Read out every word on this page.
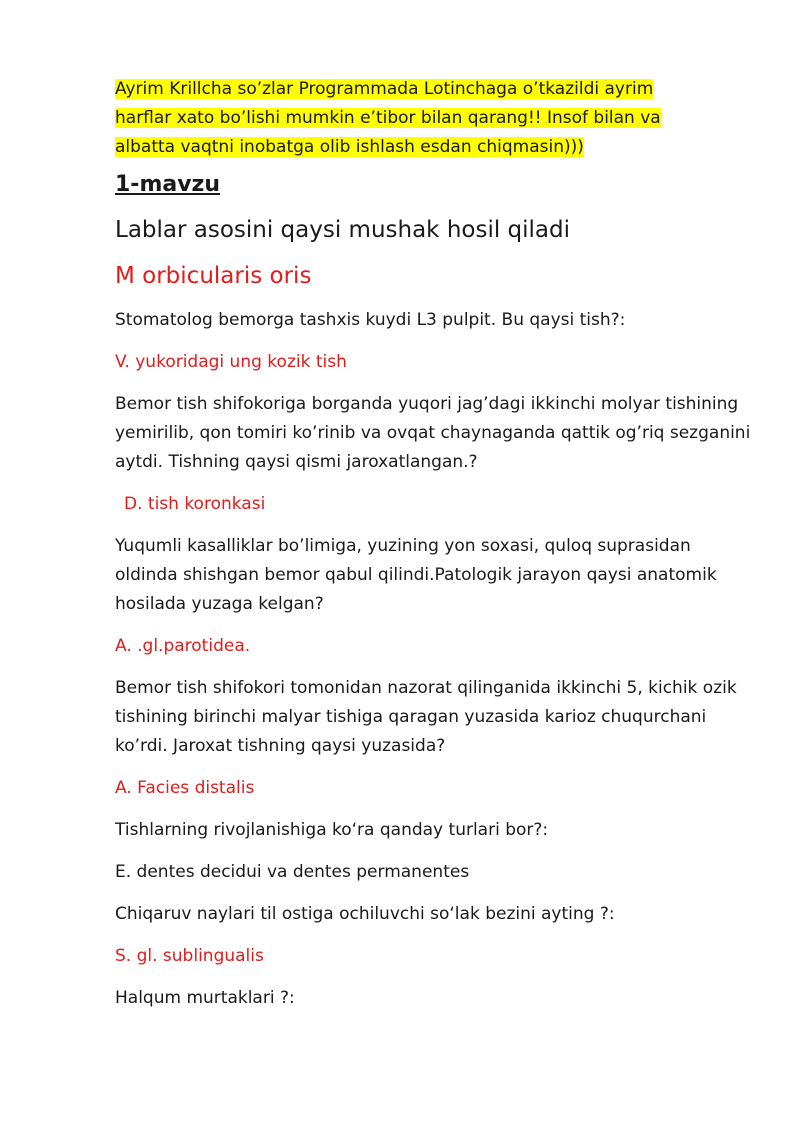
Ayrim Krillcha so’zlar Programmada Lotinchaga o’tkazildi ayrim
harflar xato bo’lishi mumkin e’tibor bilan qarang!! Insof bilan va
albatta vaqtni inobatga olib ishlash esdan chiqmasin)))
1-mavzu
Lablar asosini qaysi mushak hosil qiladi
M orbicularis oris
Stomatolog bemorga tashxis kuydi L3 pulpit. Bu qaysi tish?:
V. yukoridagi ung kozik tish
Bemor tish shifokoriga borganda yuqori jag’dagi ikkinchi molyar tishining yemirilib, qon tomiri ko’rinib va ovqat chaynaganda qattik og’riq sezganini aytdi. Tishning qaysi qismi jaroxatlangan.?
D. tish koronkasi
Yuqumli kasalliklar bo’limiga, yuzining yon soxasi, quloq suprasidan oldinda shishgan bemor qabul qilindi.Patologik jarayon qaysi anatomik hosilada yuzaga kelgan?
A. .gl.parotidea.
Bemor tish shifokori tomonidan nazorat qilinganida ikkinchi 5, kichik ozik tishining birinchi malyar tishiga qaragan yuzasida karioz chuqurchani ko’rdi. Jaroxat tishning qaysi yuzasida?
A. Facies distalis
Tishlarning rivojlanishiga ko‘ra qanday turlari bor?:
E. dentes decidui va dentes permanentes
Chiqaruv naylari til ostiga ochiluvchi so‘lak bezini ayting ?:
S. gl. sublingualis
Halqum murtaklari ?:
